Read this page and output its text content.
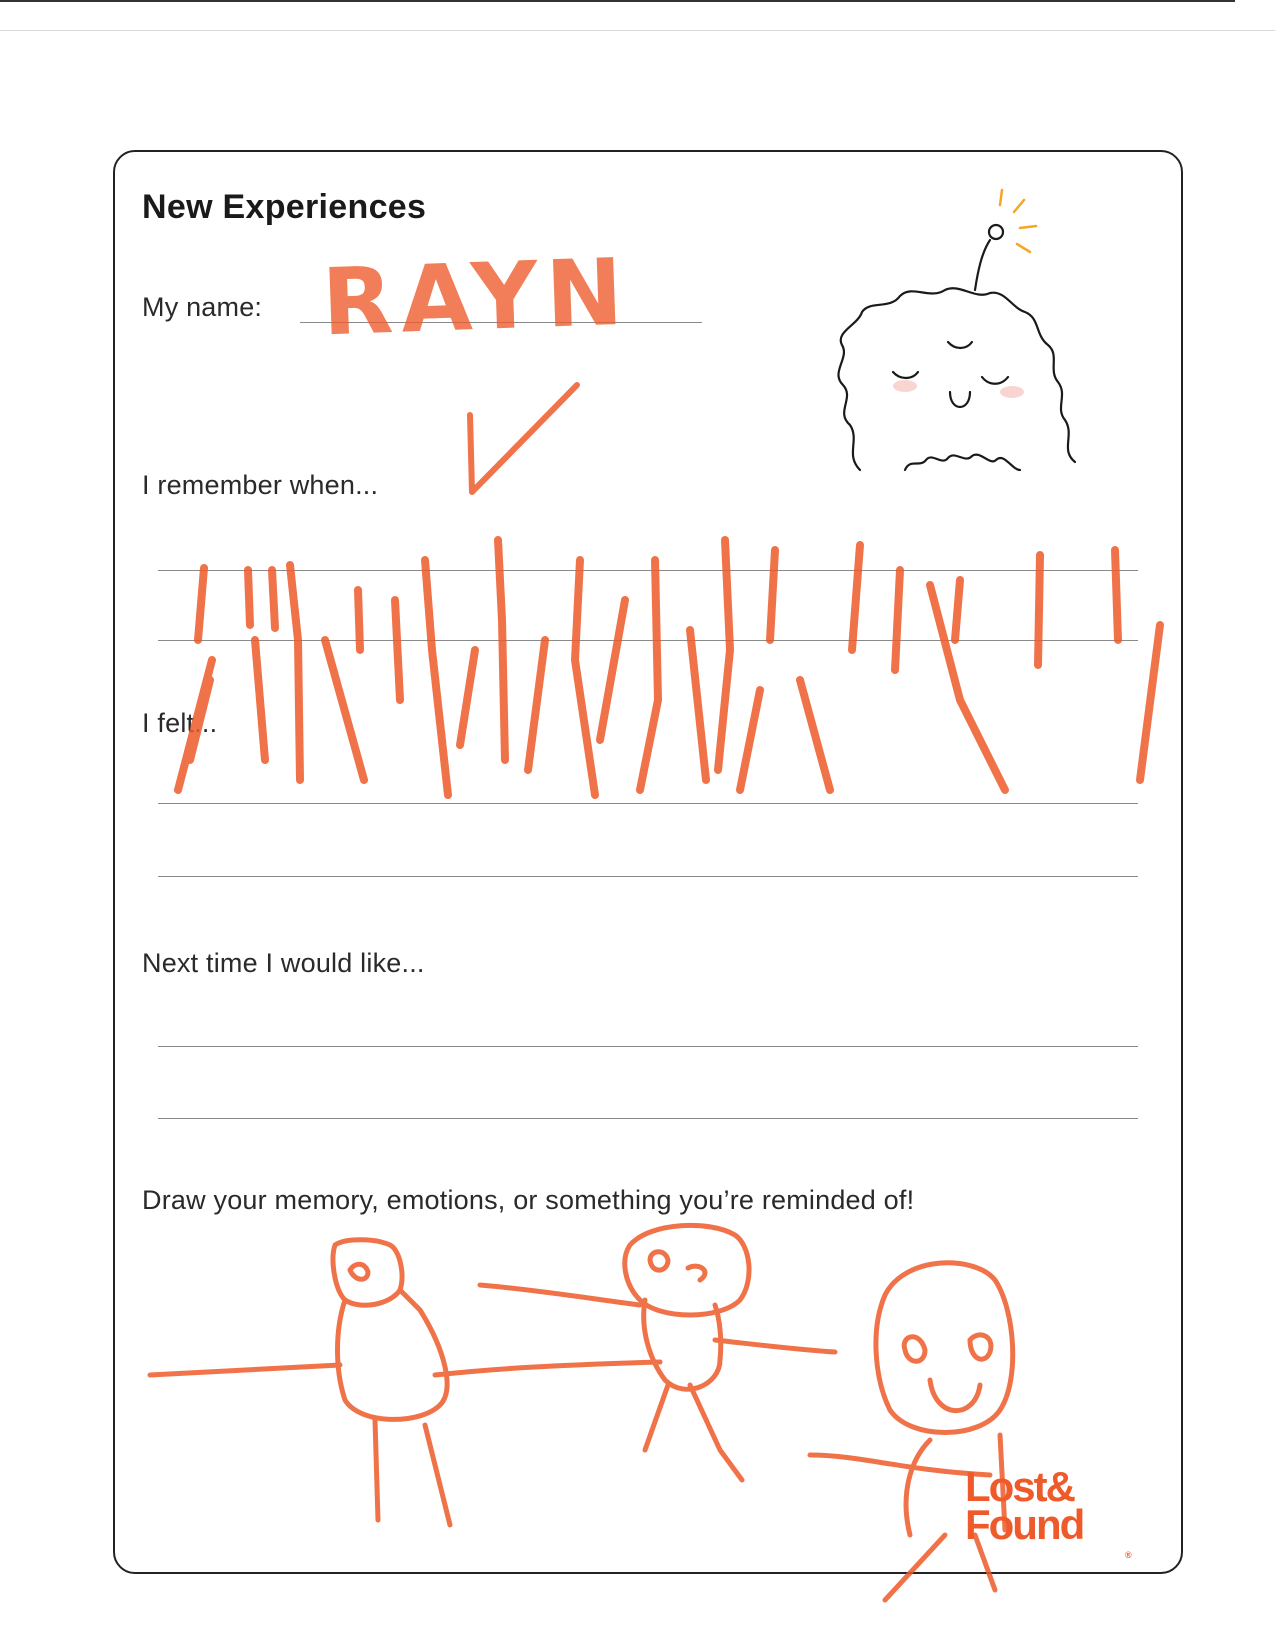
New Experiences
My name:
I remember when...
I felt...
Next time I would like...
Draw your memory, emotions, or something you’re reminded of!
RAYN
Lost&
Found
®
